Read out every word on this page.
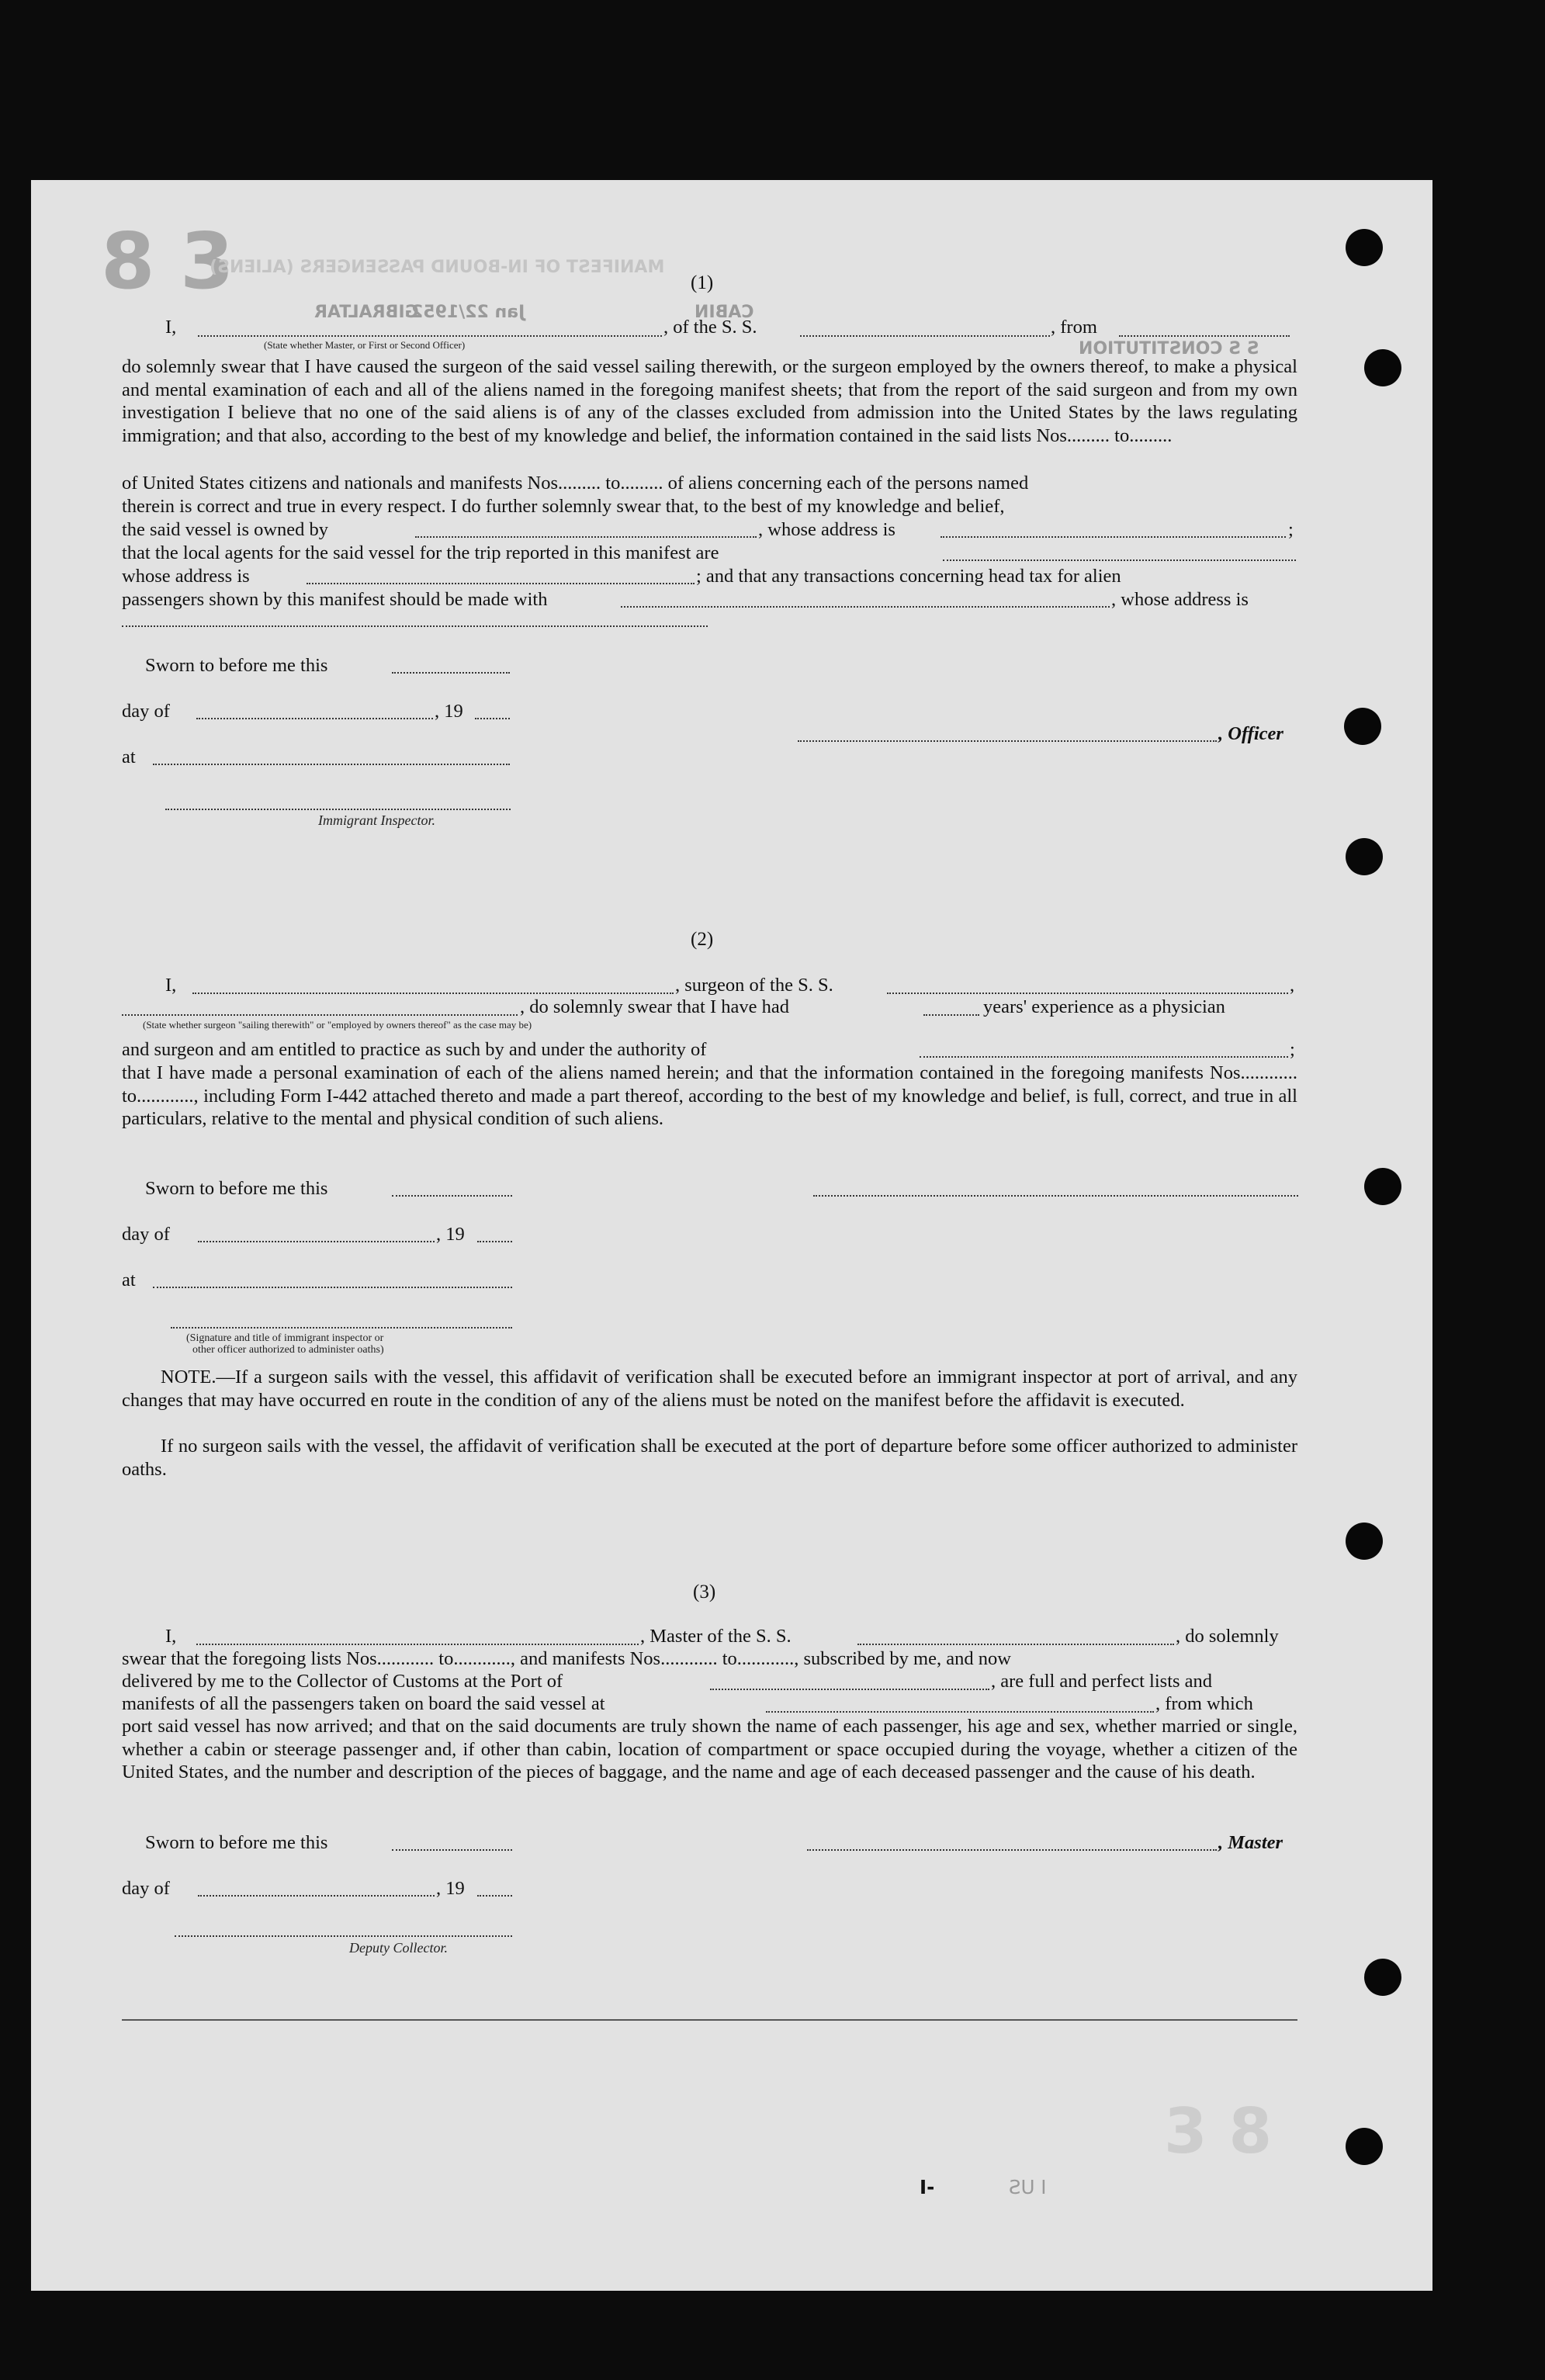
8 3
3 8
MANIFEST OF IN-BOUND PASSENGERS (ALIENS)
Jan 22/1952
GIBRALTAR	CABIN
S S CONSTITUTION
(1)
I,	, of the S. S.	, from
(State whether Master, or First or Second Officer)
do solemnly swear that I have caused the surgeon of the said vessel sailing therewith, or the surgeon employed by the owners thereof, to make a physical and mental examination of each and all of the aliens named in the foregoing manifest sheets; that from the report of the said surgeon and from my own investigation I believe that no one of the said aliens is of any of the classes excluded from admission into the United States by the laws regulating immigration; and that also, according to the best of my knowledge and belief, the information contained in the said lists Nos......... to.........
of United States citizens and nationals and manifests Nos......... to......... of aliens concerning each of the persons named
therein is correct and true in every respect. I do further solemnly swear that, to the best of my knowledge and belief,
the said vessel is owned by	, whose address is	;
that the local agents for the said vessel for the trip reported in this manifest are
whose address is	; and that any transactions concerning head tax for alien
passengers shown by this manifest should be made with	, whose address is
Sworn to before me this
day of	, 19
at
, Officer
Immigrant Inspector.
(2)
I,	, surgeon of the S. S.	,
, do solemnly swear that I have had	years' experience as a physician
(State whether surgeon "sailing therewith" or "employed by owners thereof" as the case may be)
and surgeon and am entitled to practice as such by and under the authority of	;
that I have made a personal examination of each of the aliens named herein; and that the information contained in the foregoing manifests Nos............ to............, including Form I-442 attached thereto and made a part thereof, according to the best of my knowledge and belief, is full, correct, and true in all particulars, relative to the mental and physical condition of such aliens.
Sworn to before me this
day of	, 19
at
(Signature and title of immigrant inspector or
other officer authorized to administer oaths)
NOTE.—If a surgeon sails with the vessel, this affidavit of verification shall be executed before an immigrant inspector at port of arrival, and any changes that may have occurred en route in the condition of any of the aliens must be noted on the manifest before the affidavit is executed.
If no surgeon sails with the vessel, the affidavit of verification shall be executed at the port of departure before some officer authorized to administer oaths.
(3)
I,	, Master of the S. S.	, do solemnly
swear that the foregoing lists Nos............ to............, and manifests Nos............ to............, subscribed by me, and now
delivered by me to the Collector of Customs at the Port of	, are full and perfect lists and
manifests of all the passengers taken on board the said vessel at	, from which
port said vessel has now arrived; and that on the said documents are truly shown the name of each passenger, his age and sex, whether married or single, whether a cabin or steerage passenger and, if other than cabin, location of compartment or space occupied during the voyage, whether a citizen of the United States, and the number and description of the pieces of baggage, and the name and age of each deceased passenger and the cause of his death.
Sworn to before me this	, Master
day of	, 19
Deputy Collector.
I-	I US
